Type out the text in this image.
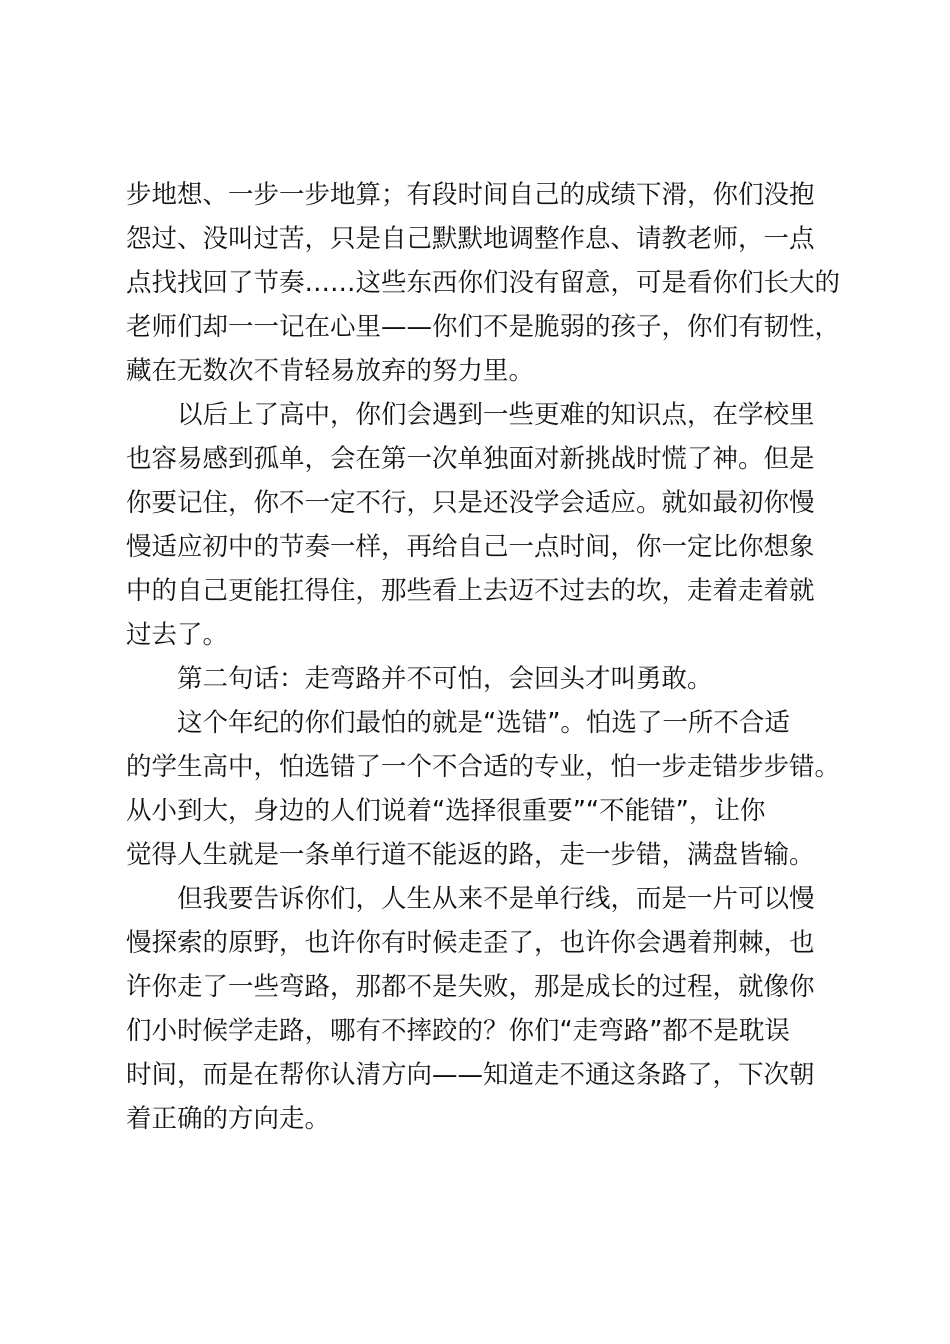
步地想、一步一步地算；有段时间自己的成绩下滑，你们没抱
怨过、没叫过苦，只是自己默默地调整作息、请教老师，一点
点找找回了节奏……这些东西你们没有留意，可是看你们长大的
老师们却一一记在心里——你们不是脆弱的孩子，你们有韧性，
藏在无数次不肯轻易放弃的努力里。
以后上了高中，你们会遇到一些更难的知识点，在学校里
也容易感到孤单，会在第一次单独面对新挑战时慌了神。但是
你要记住，你不一定不行，只是还没学会适应。就如最初你慢
慢适应初中的节奏一样，再给自己一点时间，你一定比你想象
中的自己更能扛得住，那些看上去迈不过去的坎，走着走着就
过去了。
第二句话：走弯路并不可怕，会回头才叫勇敢。
这个年纪的你们最怕的就是“选错”。怕选了一所不合适
的学生高中，怕选错了一个不合适的专业，怕一步走错步步错。
从小到大，身边的人们说着“选择很重要”“不能错”，让你
觉得人生就是一条单行道不能返的路，走一步错，满盘皆输。
但我要告诉你们，人生从来不是单行线，而是一片可以慢
慢探索的原野，也许你有时候走歪了，也许你会遇着荆棘，也
许你走了一些弯路，那都不是失败，那是成长的过程，就像你
们小时候学走路，哪有不摔跤的？你们“走弯路”都不是耽误
时间，而是在帮你认清方向——知道走不通这条路了，下次朝
着正确的方向走。
